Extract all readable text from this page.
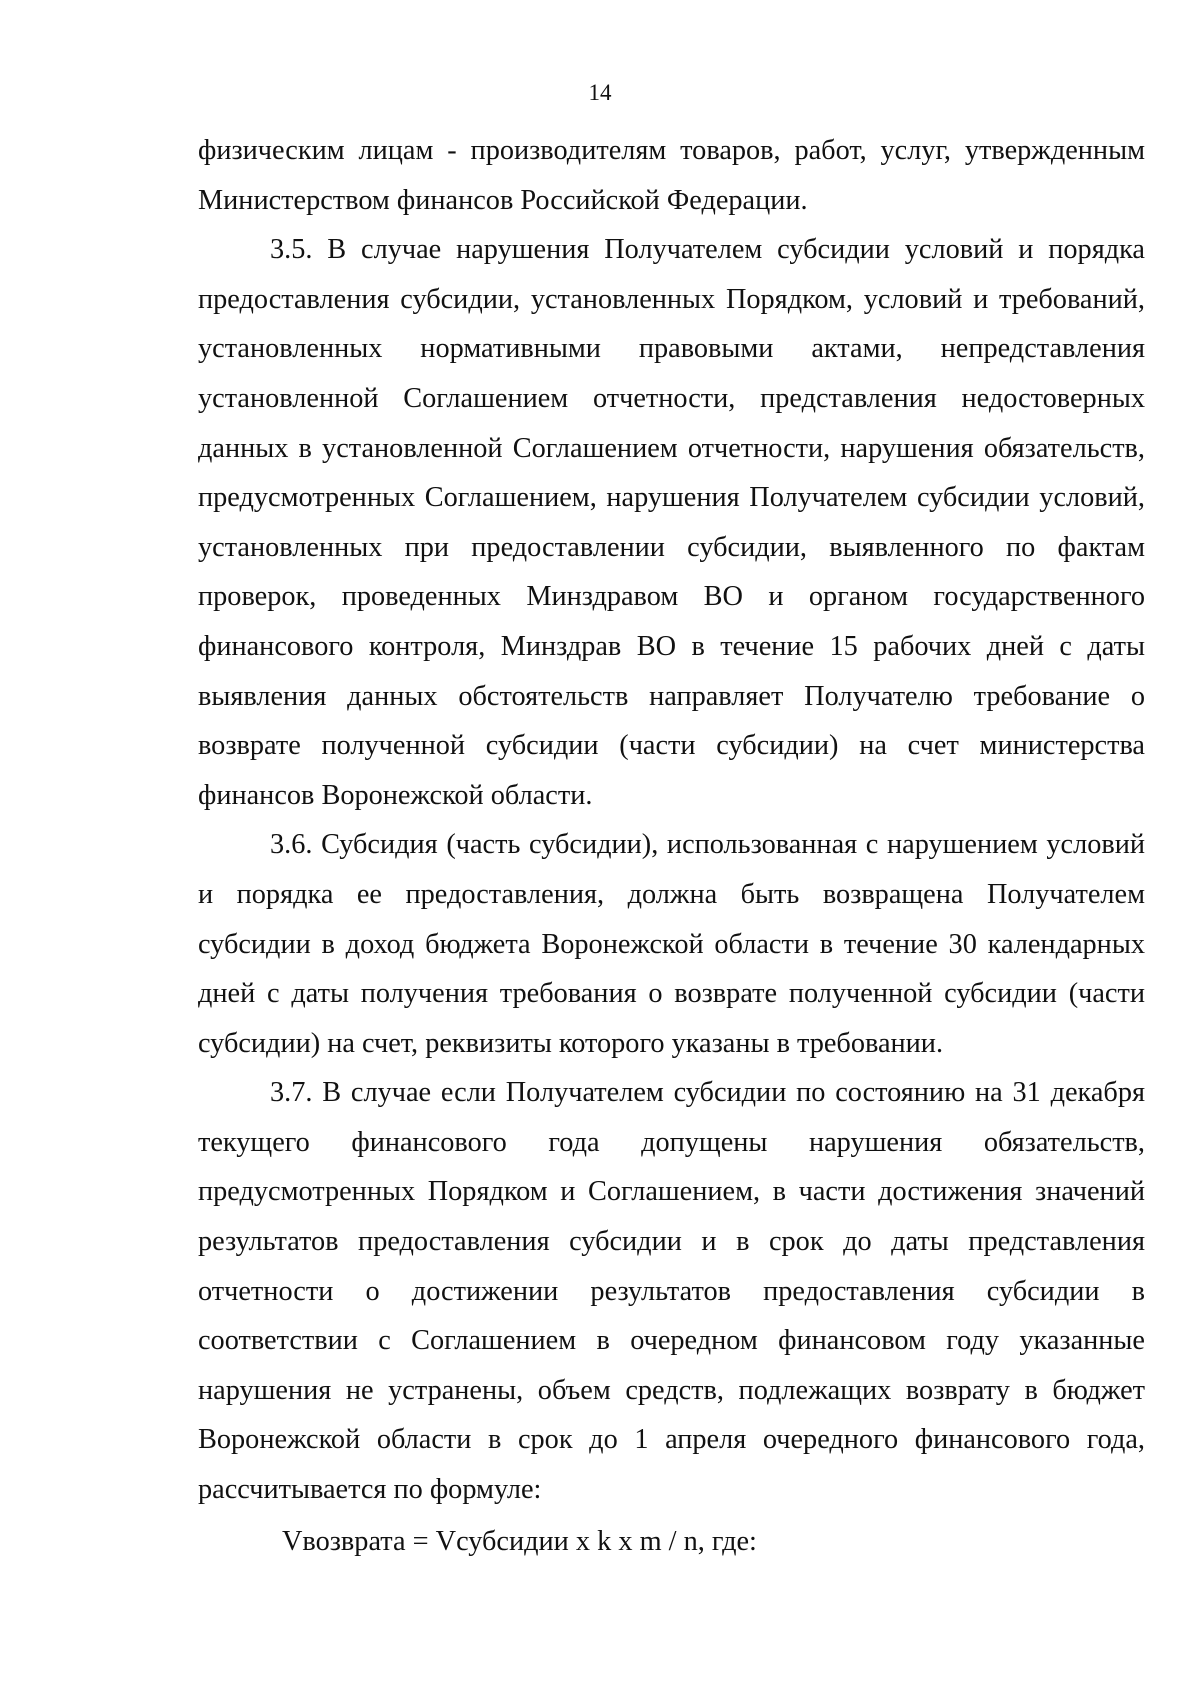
14

физическим лицам - производителям товаров, работ, услуг, утвержденным Министерством финансов Российской Федерации.

3.5. В случае нарушения Получателем субсидии условий и порядка предоставления субсидии, установленных Порядком, условий и требований, установленных нормативными правовыми актами, непредставления установленной Соглашением отчетности, представления недостоверных данных в установленной Соглашением отчетности, нарушения обязательств, предусмотренных Соглашением, нарушения Получателем субсидии условий, установленных при предоставлении субсидии, выявленного по фактам проверок, проведенных Минздравом ВО и органом государственного финансового контроля, Минздрав ВО в течение 15 рабочих дней с даты выявления данных обстоятельств направляет Получателю требование о возврате полученной субсидии (части субсидии) на счет министерства финансов Воронежской области.

3.6. Субсидия (часть субсидии), использованная с нарушением условий и порядка ее предоставления, должна быть возвращена Получателем субсидии в доход бюджета Воронежской области в течение 30 календарных дней с даты получения требования о возврате полученной субсидии (части субсидии) на счет, реквизиты которого указаны в требовании.

3.7. В случае если Получателем субсидии по состоянию на 31 декабря текущего финансового года допущены нарушения обязательств, предусмотренных Порядком и Соглашением, в части достижения значений результатов предоставления субсидии и в срок до даты представления отчетности о достижении результатов предоставления субсидии в соответствии с Соглашением в очередном финансовом году указанные нарушения не устранены, объем средств, подлежащих возврату в бюджет Воронежской области в срок до 1 апреля очередного финансового года, рассчитывается по формуле:

Vвозврата = Vсубсидии x k x m / n, где:
